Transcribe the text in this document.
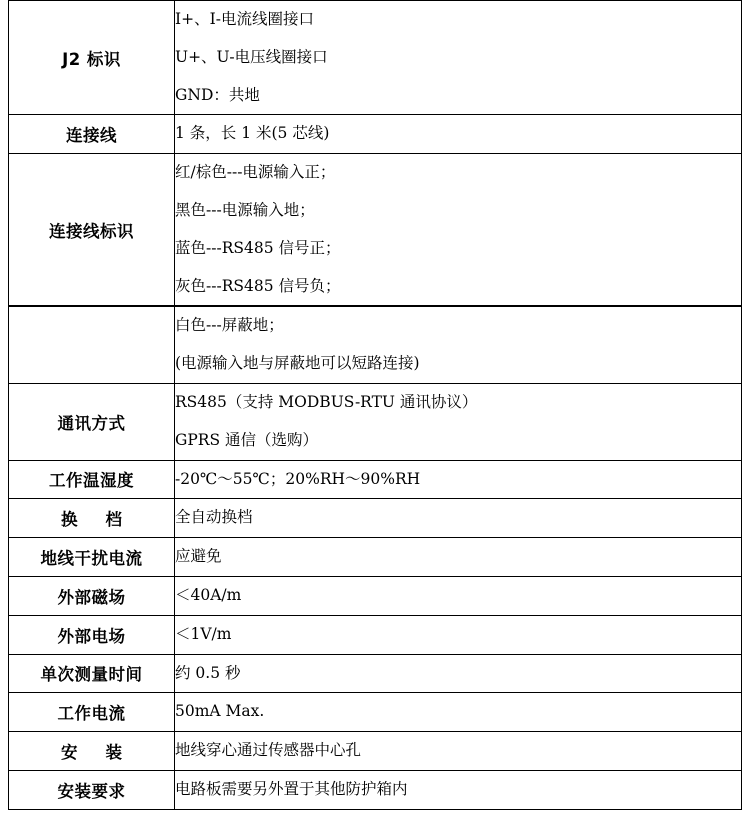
J2 标识	I+、I-电流线圈接口
U+、U-电压线圈接口
GND：共地

连接线	1 条，长 1 米(5 芯线)

连接线标识	红/棕色---电源输入正；
黑色---电源输入地；
蓝色---RS485 信号正；
灰色---RS485 信号负；

	白色---屏蔽地；
(电源输入地与屏蔽地可以短路连接)

通讯方式	RS485（支持 MODBUS-RTU 通讯协议）
GPRS 通信（选购）

工作温湿度	-20℃～55℃；20%RH～90%RH

换 档	全自动换档

地线干扰电流	应避免

外部磁场	＜40A/m

外部电场	＜1V/m

单次测量时间	约 0.5 秒

工作电流	50mA Max.

安 装	地线穿心通过传感器中心孔

安装要求	电路板需要另外置于其他防护箱内
